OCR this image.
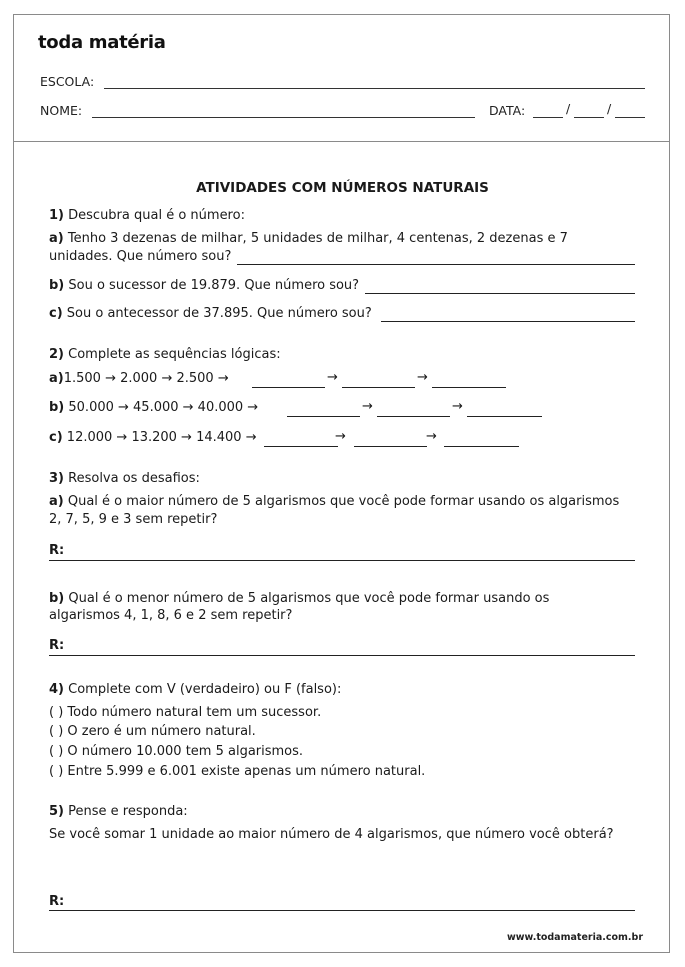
toda matéria
ESCOLA:
NOME:	DATA:	/	/
ATIVIDADES COM NÚMEROS NATURAIS
1) Descubra qual é o número:
a) Tenho 3 dezenas de milhar, 5 unidades de milhar, 4 centenas, 2 dezenas e 7
unidades. Que número sou?
b) Sou o sucessor de 19.879. Que número sou?
c) Sou o antecessor de 37.895. Que número sou?
2) Complete as sequências lógicas:
a)1.500 → 2.000 → 2.500 →	→	→
b) 50.000 → 45.000 → 40.000 →	→	→
c) 12.000 → 13.200 → 14.400 →	→	→
3) Resolva os desafios:
a) Qual é o maior número de 5 algarismos que você pode formar usando os algarismos
2, 7, 5, 9 e 3 sem repetir?
R:
b) Qual é o menor número de 5 algarismos que você pode formar usando os
algarismos 4, 1, 8, 6 e 2 sem repetir?
R:
4) Complete com V (verdadeiro) ou F (falso):
( ) Todo número natural tem um sucessor.
( ) O zero é um número natural.
( ) O número 10.000 tem 5 algarismos.
( ) Entre 5.999 e 6.001 existe apenas um número natural.
5) Pense e responda:
Se você somar 1 unidade ao maior número de 4 algarismos, que número você obterá?
R:
www.todamateria.com.br
